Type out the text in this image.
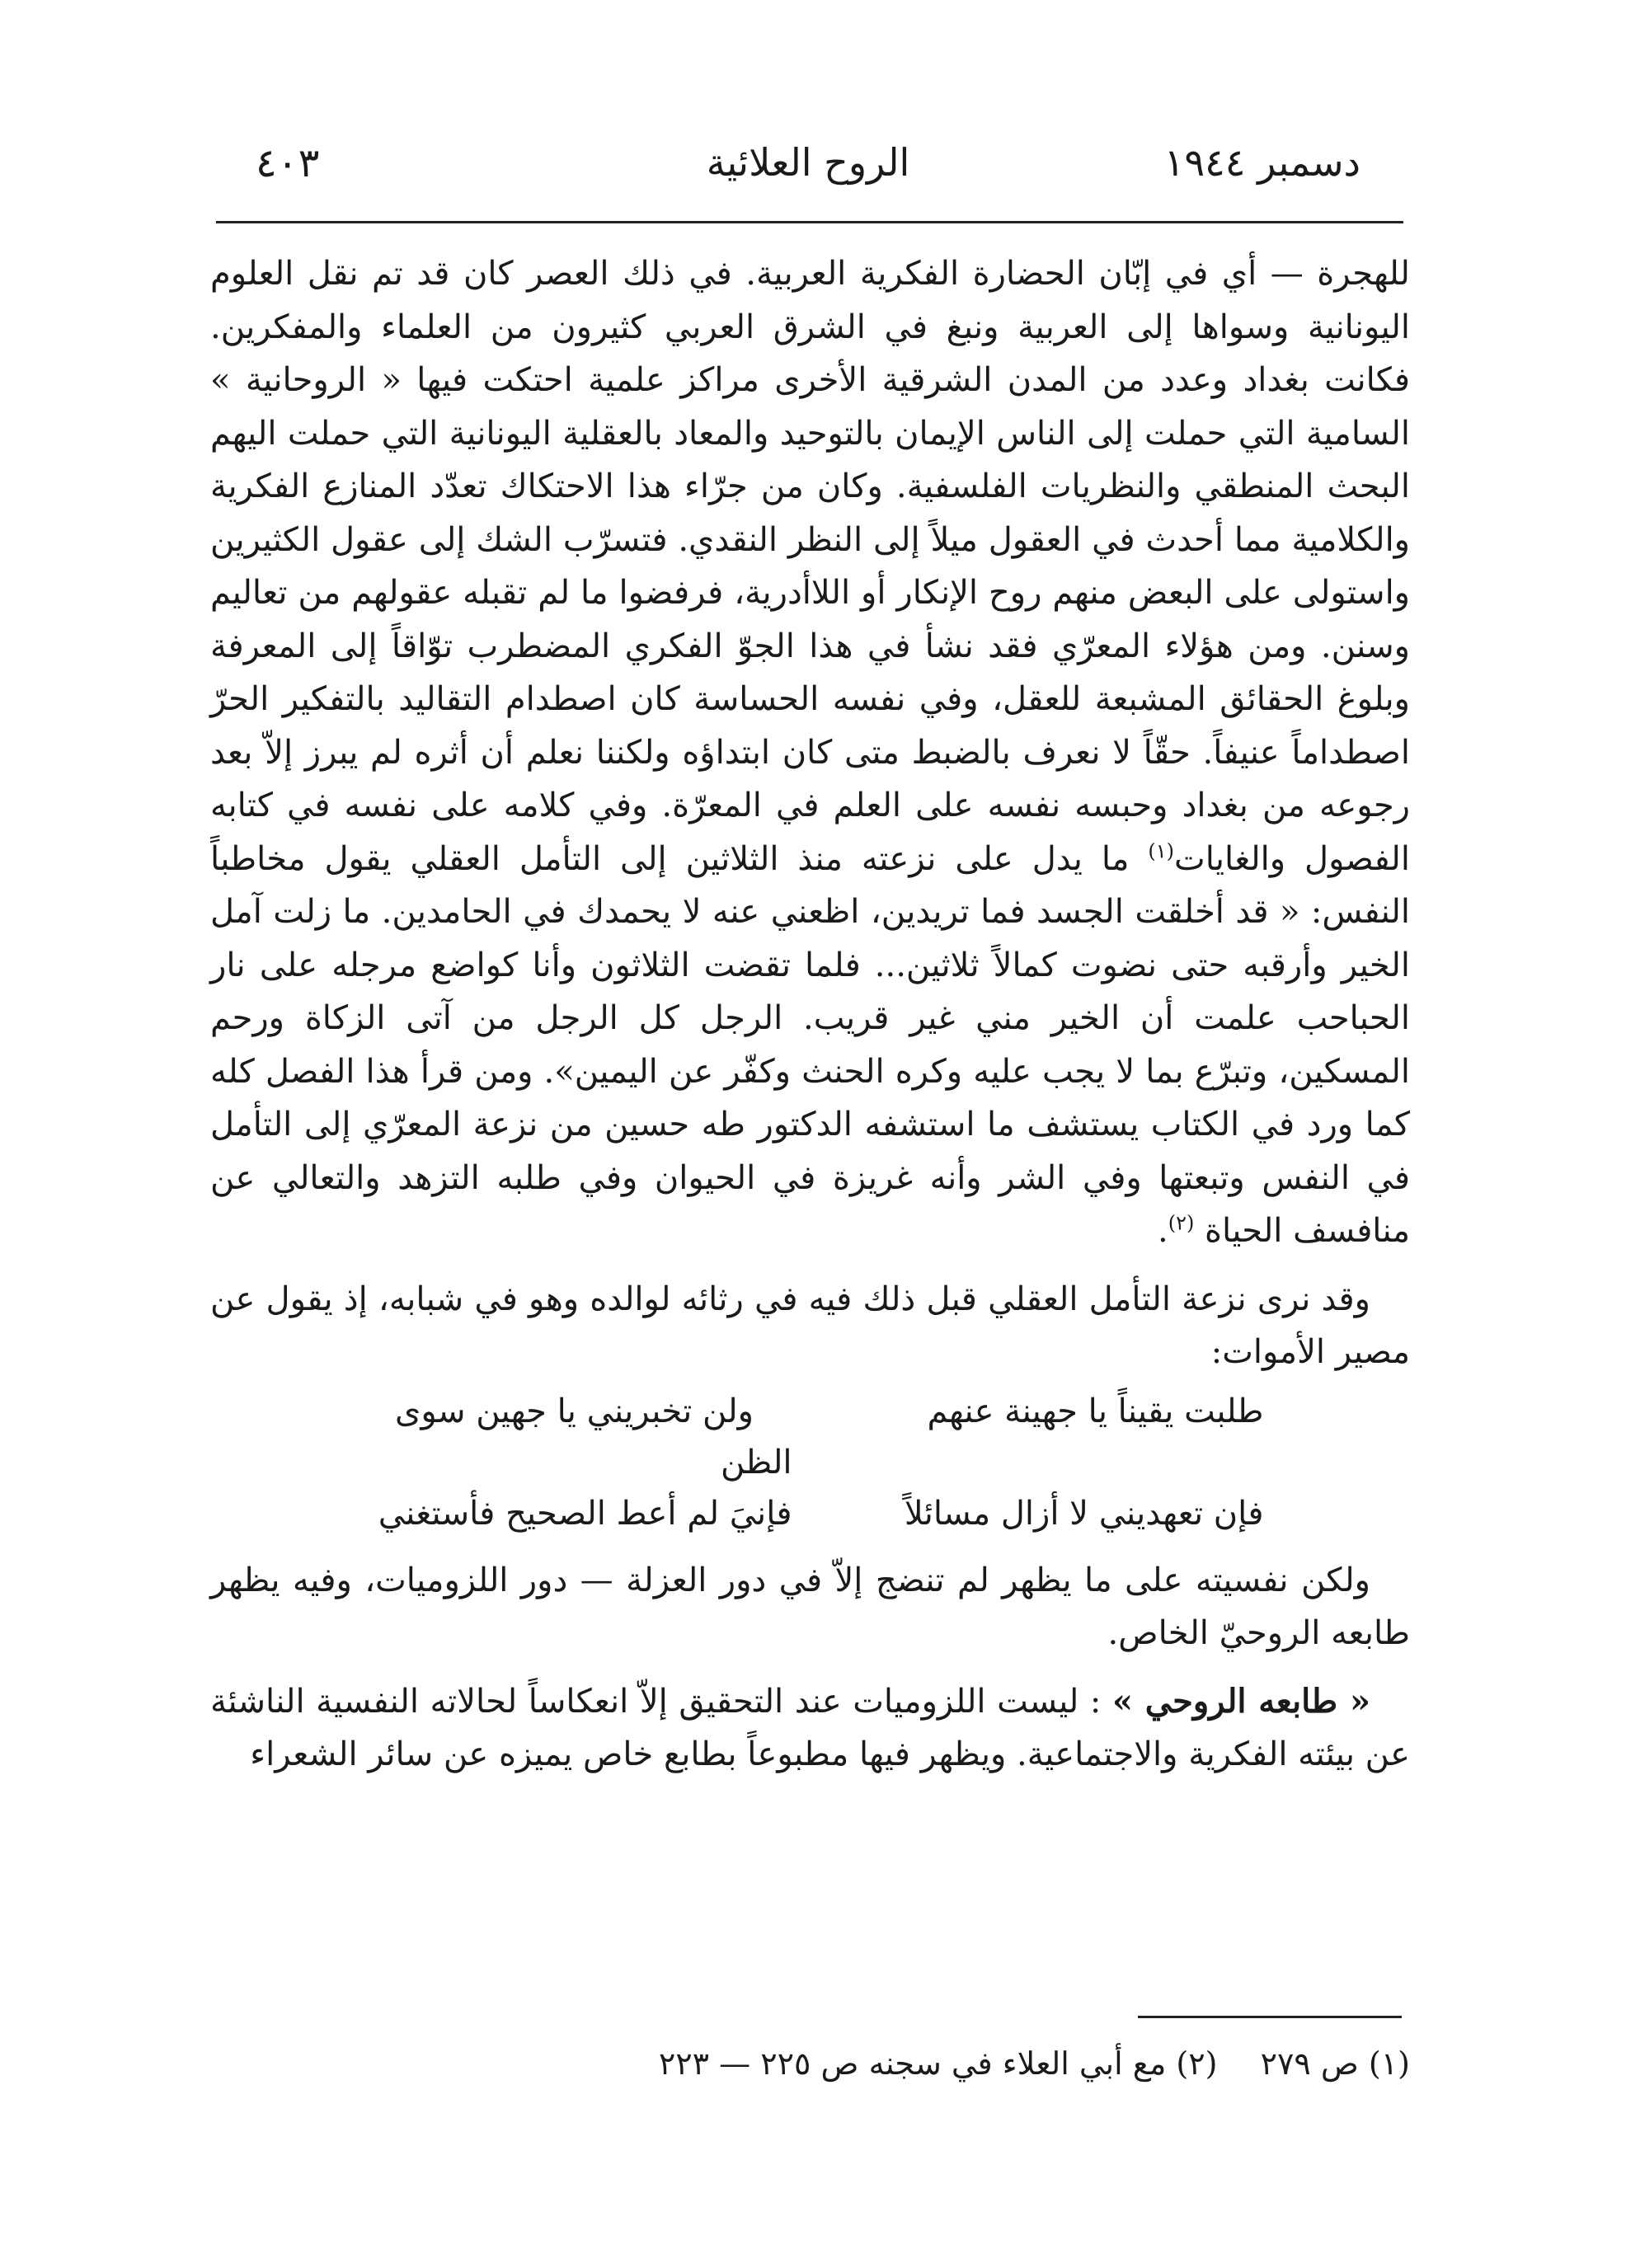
٤٠٣	الروح العلائية	دسمبر ١٩٤٤

للهجرة — أي في إبّان الحضارة الفكرية العربية. في ذلك العصر كان قد تم نقل العلوم اليونانية وسواها إلى العربية ونبغ في الشرق العربي كثيرون من العلماء والمفكرين. فكانت بغداد وعدد من المدن الشرقية الأخرى مراكز علمية احتكت فيها « الروحانية » السامية التي حملت إلى الناس الإيمان بالتوحيد والمعاد بالعقلية اليونانية التي حملت اليهم البحث المنطقي والنظريات الفلسفية. وكان من جرّاء هذا الاحتكاك تعدّد المنازع الفكرية والكلامية مما أحدث في العقول ميلاً إلى النظر النقدي. فتسرّب الشك إلى عقول الكثيرين واستولى على البعض منهم روح الإنكار أو اللاأدرية، فرفضوا ما لم تقبله عقولهم من تعاليم وسنن. ومن هؤلاء المعرّي فقد نشأ في هذا الجوّ الفكري المضطرب توّاقاً إلى المعرفة وبلوغ الحقائق المشبعة للعقل، وفي نفسه الحساسة كان اصطدام التقاليد بالتفكير الحرّ اصطداماً عنيفاً. حقّاً لا نعرف بالضبط متى كان ابتداؤه ولكننا نعلم أن أثره لم يبرز إلاّ بعد رجوعه من بغداد وحبسه نفسه على العلم في المعرّة. وفي كلامه على نفسه في كتابه الفصول والغايات$^{(١)}$ ما يدل على نزعته منذ الثلاثين إلى التأمل العقلي يقول مخاطباً النفس: « قد أخلقت الجسد فما تريدين، اظعني عنه لا يحمدك في الحامدين. ما زلت آمل الخير وأرقبه حتى نضوت كمالاً ثلاثين... فلما تقضت الثلاثون وأنا كواضع مرجله على نار الحباحب علمت أن الخير مني غير قريب. الرجل كل الرجل من آتى الزكاة ورحم المسكين، وتبرّع بما لا يجب عليه وكره الحنث وكفّر عن اليمين». ومن قرأ هذا الفصل كله كما ورد في الكتاب يستشف ما استشفه الدكتور طه حسين من نزعة المعرّي إلى التأمل في النفس وتبعتها وفي الشر وأنه غريزة في الحيوان وفي طلبه التزهد والتعالي عن منافسف الحياة $^{(٢)}$.

وقد نرى نزعة التأمل العقلي قبل ذلك فيه في رثائه لوالده وهو في شبابه، إذ يقول عن مصير الأموات:

طلبت يقيناً يا جهينة عنهم
ولن تخبريني يا جهين سوى الظن
فإن تعهديني لا أزال مسائلاً
فإنيَ لم أعط الصحيح فأستغني

ولكن نفسيته على ما يظهر لم تنضج إلاّ في دور العزلة — دور اللزوميات، وفيه يظهر طابعه الروحيّ الخاص.

« طابعه الروحي » : ليست اللزوميات عند التحقيق إلاّ انعكاساً لحالاته النفسية الناشئة عن بيئته الفكرية والاجتماعية. ويظهر فيها مطبوعاً بطابع خاص يميزه عن سائر الشعراء

(١) ص ٢٧٩ (٢) مع أبي العلاء في سجنه ص ٢٢٥ — ٢٢٣
